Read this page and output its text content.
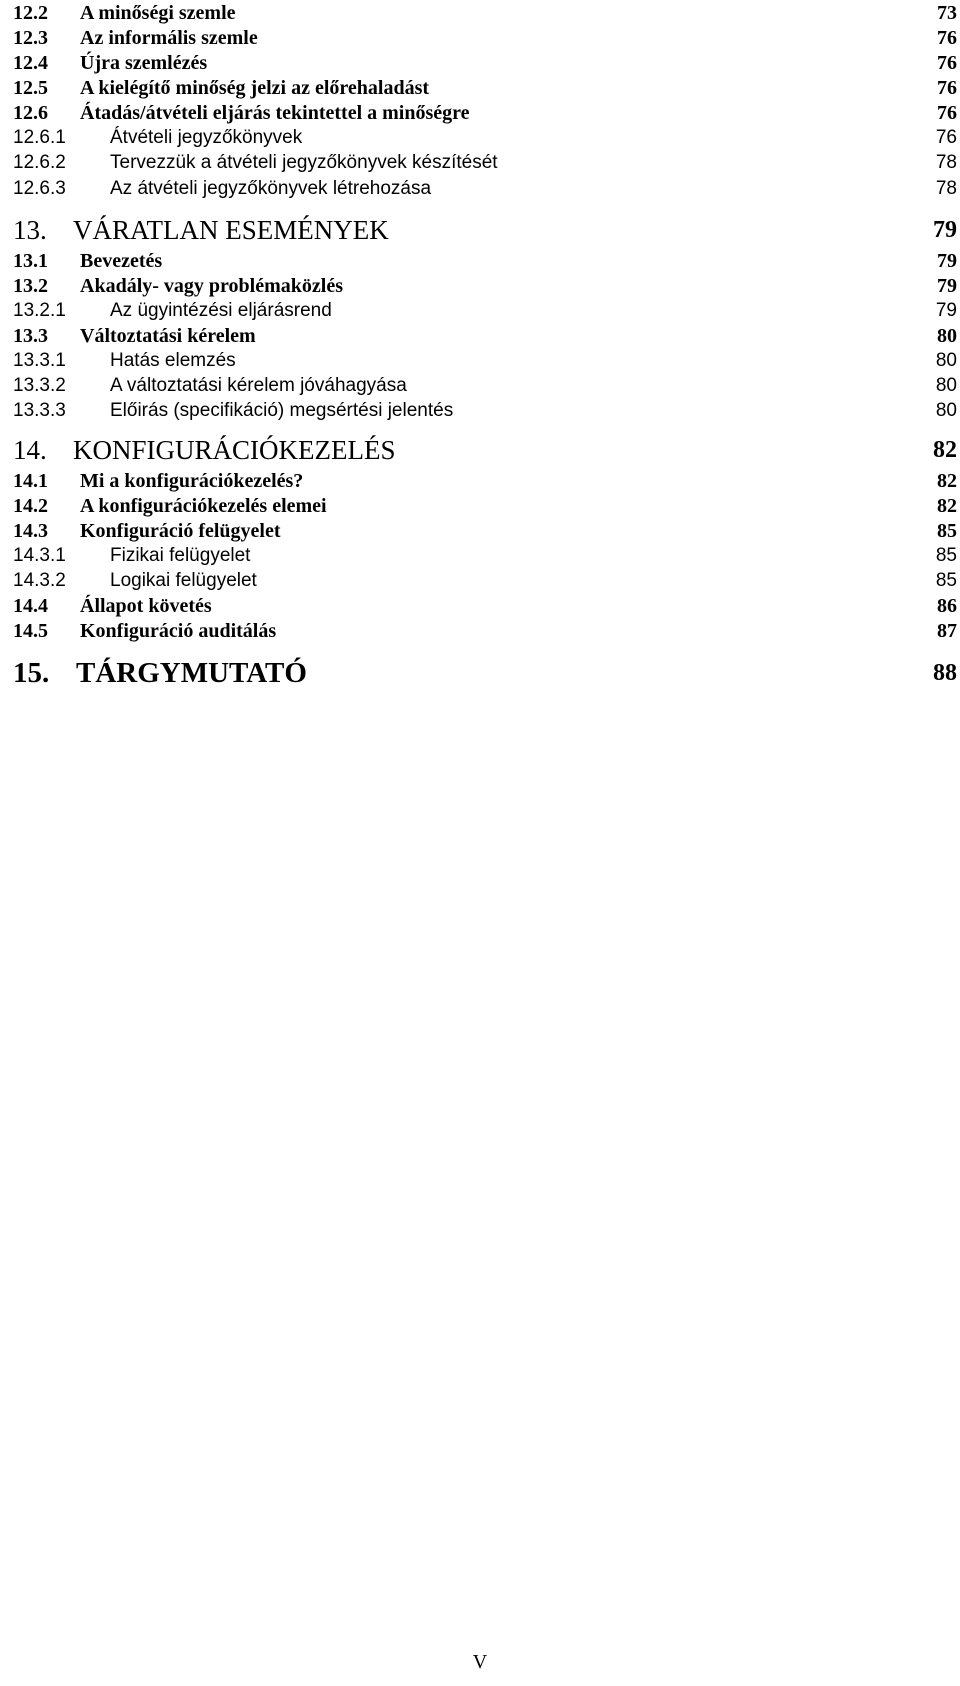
12.2 A minőségi szemle	73
12.3 Az informális szemle	76
12.4 Újra szemlézés	76
12.5 A kielégítő minőség jelzi az előrehaladást	76
12.6 Átadás/átvételi eljárás tekintettel a minőségre	76
12.6.1 Átvételi jegyzőkönyvek	76
12.6.2 Tervezzük a átvételi jegyzőkönyvek készítését	78
12.6.3 Az átvételi jegyzőkönyvek létrehozása	78
13. VÁRATLAN ESEMÉNYEK	79
13.1 Bevezetés	79
13.2 Akadály- vagy problémaközlés	79
13.2.1 Az ügyintézési eljárásrend	79
13.3 Változtatási kérelem	80
13.3.1 Hatás elemzés	80
13.3.2 A változtatási kérelem jóváhagyása	80
13.3.3 Előirás (specifikáció) megsértési jelentés	80
14. KONFIGURÁCIÓKEZELÉS	82
14.1 Mi a konfigurációkezelés?	82
14.2 A konfigurációkezelés elemei	82
14.3 Konfiguráció felügyelet	85
14.3.1 Fizikai felügyelet	85
14.3.2 Logikai felügyelet	85
14.4 Állapot követés	86
14.5 Konfiguráció auditálás	87
15. TÁRGYMUTATÓ	88
V
